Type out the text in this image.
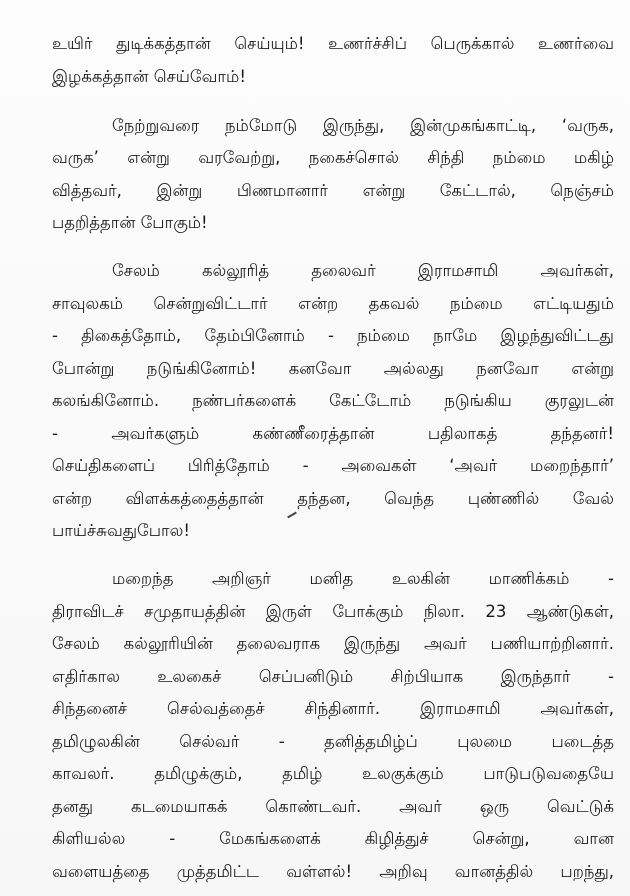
உயிர் துடிக்கத்தான் செய்யும்! உணர்ச்சிப் பெருக்கால் உணர்வை
இழக்கத்தான் செய்வோம்!
நேற்றுவரை நம்மோடு இருந்து, இன்முகங்காட்டி, ‘வருக,
வருக’ என்று வரவேற்று, நகைச்சொல் சிந்தி நம்மை மகிழ்
வித்தவர், இன்று பிணமானார் என்று கேட்டால், நெஞ்சம்
பதறித்தான் போகும்!
சேலம் கல்லூரித் தலைவர் இராமசாமி அவர்கள்,
சாவுலகம் சென்றுவிட்டார் என்ற தகவல் நம்மை எட்டியதும்
- திகைத்தோம், தேம்பினோம் - நம்மை நாமே இழந்துவிட்டது
போன்று நடுங்கினோம்! கனவோ அல்லது நனவோ என்று
கலங்கினோம். நண்பர்களைக் கேட்டோம் நடுங்கிய குரலுடன்
- அவர்களும் கண்ணீரைத்தான் பதிலாகத் தந்தனர்!
செய்திகளைப் பிரித்தோம் - அவைகள் ‘அவர் மறைந்தார்’
என்ற விளக்கத்தைத்தான் தந்தன, வெந்த புண்ணில் வேல்
பாய்ச்சுவதுபோல!
மறைந்த அறிஞர் மனித உலகின் மாணிக்கம் -
திராவிடச் சமுதாயத்தின் இருள் போக்கும் நிலா. 23 ஆண்டுகள்,
சேலம் கல்லூரியின் தலைவராக இருந்து அவர் பணியாற்றினார்.
எதிர்கால உலகைச் செப்பனிடும் சிற்பியாக இருந்தார் -
சிந்தனைச் செல்வத்தைச் சிந்தினார். இராமசாமி அவர்கள்,
தமிழுலகின் செல்வர் - தனித்தமிழ்ப் புலமை படைத்த
காவலர். தமிழுக்கும், தமிழ் உலகுக்கும் பாடுபடுவதையே
தனது கடமையாகக் கொண்டவர். அவர் ஒரு வெட்டுக்
கிளியல்ல - மேகங்களைக் கிழித்துச் சென்று, வான
வளையத்தை முத்தமிட்ட வள்ளல்! அறிவு வானத்தில் பறந்து,
